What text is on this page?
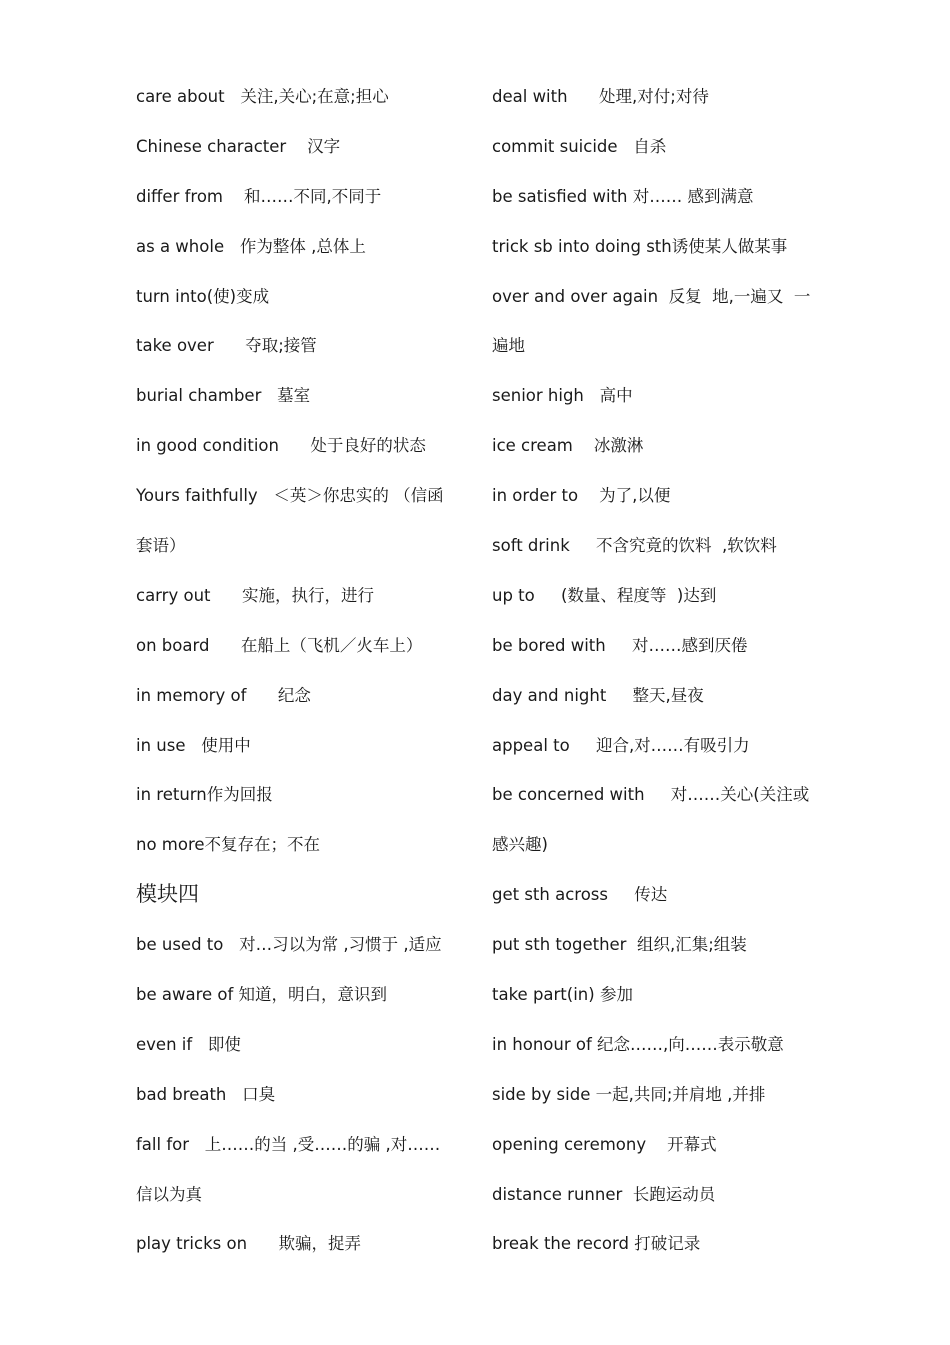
care about   关注,关心;在意;担心
Chinese character    汉字
differ from    和……不同,不同于
as a whole   作为整体 ,总体上
turn into(使)变成
take over      夺取;接管
burial chamber   墓室
in good condition      处于良好的状态
Yours faithfully   ＜英＞你忠实的 （信函
套语）
carry out      实施，执行，进行
on board      在船上（飞机／火车上）
in memory of      纪念
in use   使用中
in return作为回报
no more不复存在；不在
模块四
be used to   对…习以为常 ,习惯于 ,适应
be aware of 知道，明白，意识到
even if   即使
bad breath   口臭
fall for   上……的当 ,受……的骗 ,对……
信以为真
play tricks on      欺骗，捉弄
deal with      处理,对付;对待
commit suicide   自杀
be satisfied with 对…… 感到满意
trick sb into doing sth诱使某人做某事
over and over again  反复  地,一遍又  一
遍地
senior high   高中
ice cream    冰激淋
in order to    为了,以便
soft drink     不含究竟的饮料  ,软饮料
up to     (数量、程度等  )达到
be bored with     对……感到厌倦
day and night     整天,昼夜
appeal to     迎合,对……有吸引力
be concerned with     对……关心(关注或
感兴趣)
get sth across     传达
put sth together  组织,汇集;组装
take part(in) 参加
in honour of 纪念……,向……表示敬意
side by side 一起,共同;并肩地 ,并排
opening ceremony    开幕式
distance runner  长跑运动员
break the record 打破记录
